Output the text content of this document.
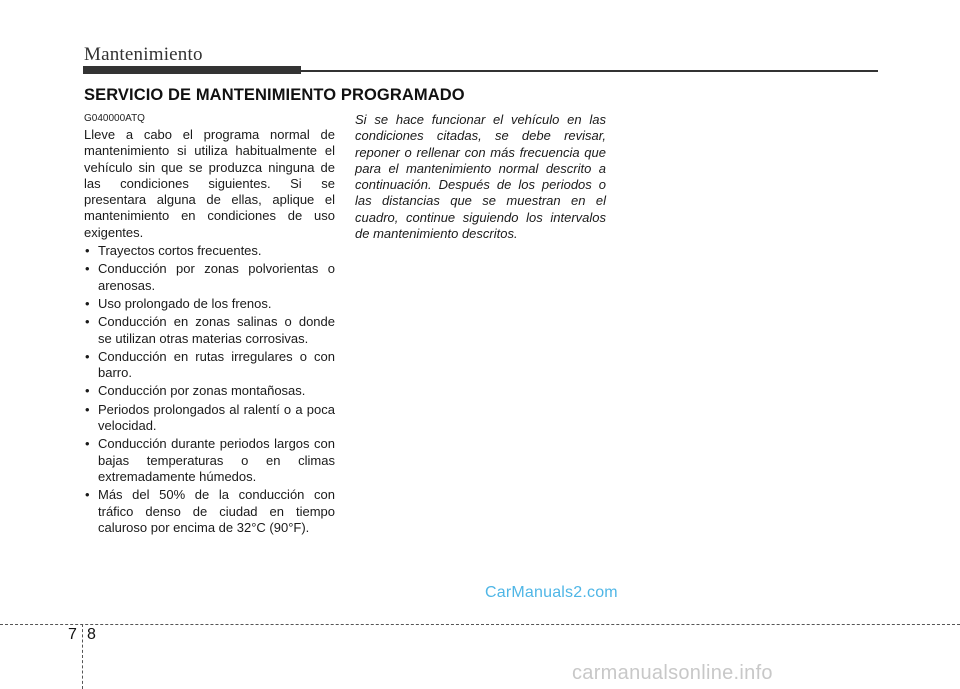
Mantenimiento
SERVICIO DE MANTENIMIENTO PROGRAMADO
G040000ATQ

Lleve a cabo el programa normal de mantenimiento si utiliza habitualmente el vehículo sin que se produzca ninguna de las condiciones siguientes. Si se presentara alguna de ellas, aplique el mantenimiento en condiciones de uso exigentes.

• Trayectos cortos frecuentes.
• Conducción por zonas polvorientas o arenosas.
• Uso prolongado de los frenos.
• Conducción en zonas salinas o donde se utilizan otras materias corrosivas.
• Conducción en rutas irregulares o con barro.
• Conducción por zonas montañosas.
• Periodos prolongados al ralentí o a poca velocidad.
• Conducción durante periodos largos con bajas temperaturas o en climas extremadamente húmedos.
• Más del 50% de la conducción con tráfico denso de ciudad en tiempo caluroso por encima de 32°C (90°F).
Si se hace funcionar el vehículo en las condiciones citadas, se debe revisar, reponer o rellenar con más frecuencia que para el mantenimiento normal descrito a continuación. Después de los periodos o las distancias que se muestran en el cuadro, continue siguiendo los intervalos de mantenimiento descritos.
CarManuals2.com
7 8
carmanualsonline.info
